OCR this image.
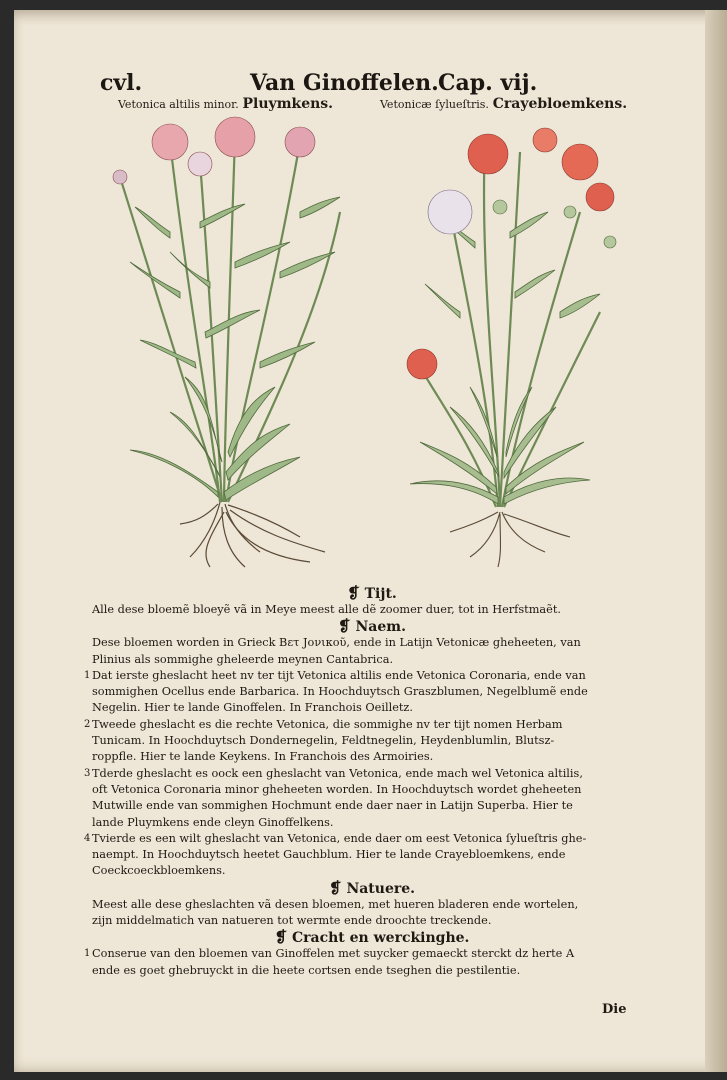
cvl.	Van Ginoffelen. Cap. vij.
Vetonica altilis minor. Pluymkens.	Vetonicæ ſylueſtris. Crayebloemkens.

❡ Tijt.

Alle dese bloemẽ bloeyẽ vã in Meye meest alle dẽ zoomer duer, tot in Herfstmaẽt.

❡ Naem.

Dese bloemen worden in Grieck Βετ Jονικοῦ, ende in Latijn Vetonicæ gheheeten, van

Plinius als sommighe gheleerde meynen Cantabrica.

1 Dat ierste gheslacht heet nv ter tijt Vetonica altilis ende Vetonica Coronaria, ende van

sommighen Ocellus ende Barbarica. In Hoochduytsch Graszblumen, Negelblumẽ ende

Negelin. Hier te lande Ginoffelen. In Franchois Oeilletz.

2 Tweede gheslacht es die rechte Vetonica, die sommighe nv ter tijt nomen Herbam

Tunicam. In Hoochduytsch Dondernegelin, Feldtnegelin, Heydenblumlin, Blutsz-

roppfle. Hier te lande Keykens. In Franchois des Armoiries.

3 Tderde gheslacht es oock een gheslacht van Vetonica, ende mach wel Vetonica altilis,

oft Vetonica Coronaria minor gheheeten worden. In Hoochduytsch wordet gheheeten

Mutwille ende van sommighen Hochmunt ende daer naer in Latijn Superba. Hier te

lande Pluymkens ende cleyn Ginoffelkens.

4 Tvierde es een wilt gheslacht van Vetonica, ende daer om eest Vetonica ſylueſtris ghe-

naempt. In Hoochduytsch heetet Gauchblum. Hier te lande Crayebloemkens, ende

Coeckcoeckbloemkens.

❡ Natuere.

Meest alle dese gheslachten vã desen bloemen, met hueren bladeren ende wortelen,

zijn middelmatich van natueren tot wermte ende droochte treckende.

❡ Cracht en werckinghe.

1 Conserue van den bloemen van Ginoffelen met suycker gemaeckt sterckt dz herte A

ende es goet ghebruyckt in die heete cortsen ende tseghen die pestilentie.

Die
